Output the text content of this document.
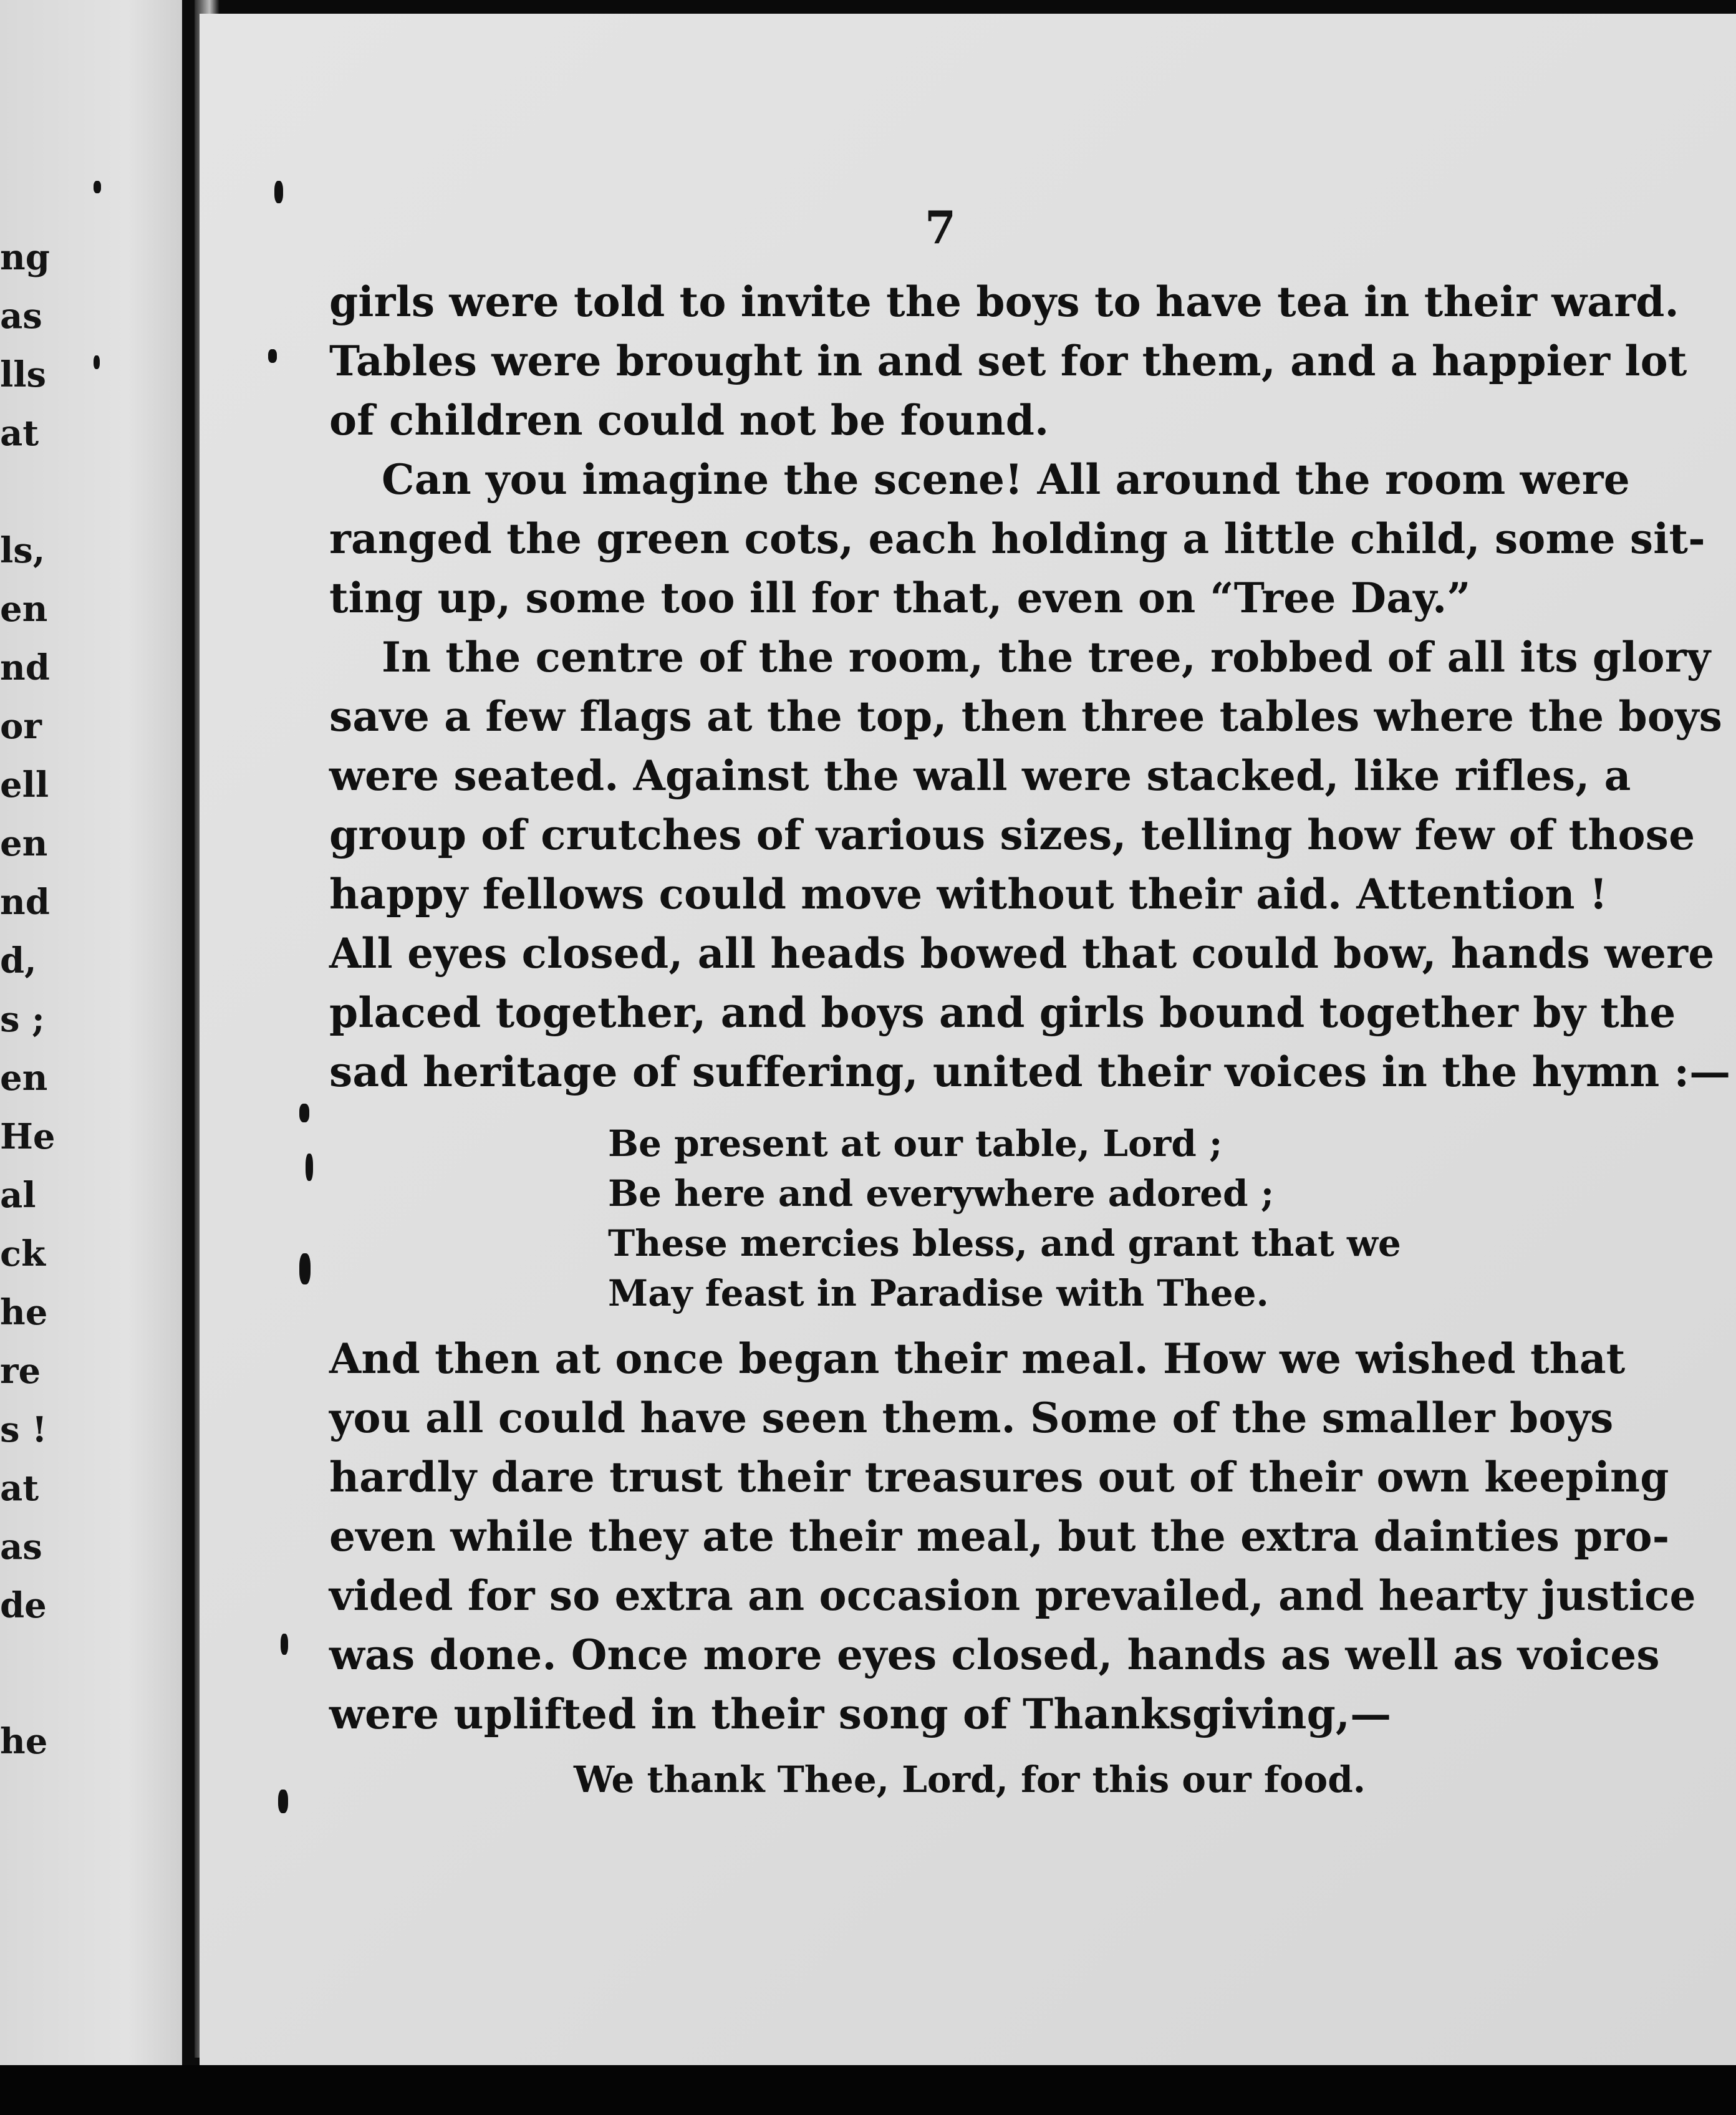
ng
as
lls
at
ls,
en
nd
or
ell
en
nd
d,
s ;
en
He
al
ck
he
re
s !
at
as
de
he
7
girls were told to invite the boys to have tea in their ward.
Tables were brought in and set for them, and a happier lot
of children could not be found.
Can you imagine the scene! All around the room were
ranged the green cots, each holding a little child, some sit-
ting up, some too ill for that, even on “Tree Day.”
In the centre of the room, the tree, robbed of all its glory
save a few flags at the top, then three tables where the boys
were seated. Against the wall were stacked, like rifles, a
group of crutches of various sizes, telling how few of those
happy fellows could move without their aid. Attention !
All eyes closed, all heads bowed that could bow, hands were
placed together, and boys and girls bound together by the
sad heritage of suffering, united their voices in the hymn :—
Be present at our table, Lord ;
Be here and everywhere adored ;
These mercies bless, and grant that we
May feast in Paradise with Thee.
And then at once began their meal. How we wished that
you all could have seen them. Some of the smaller boys
hardly dare trust their treasures out of their own keeping
even while they ate their meal, but the extra dainties pro-
vided for so extra an occasion prevailed, and hearty justice
was done. Once more eyes closed, hands as well as voices
were uplifted in their song of Thanksgiving,—
We thank Thee, Lord, for this our food.
